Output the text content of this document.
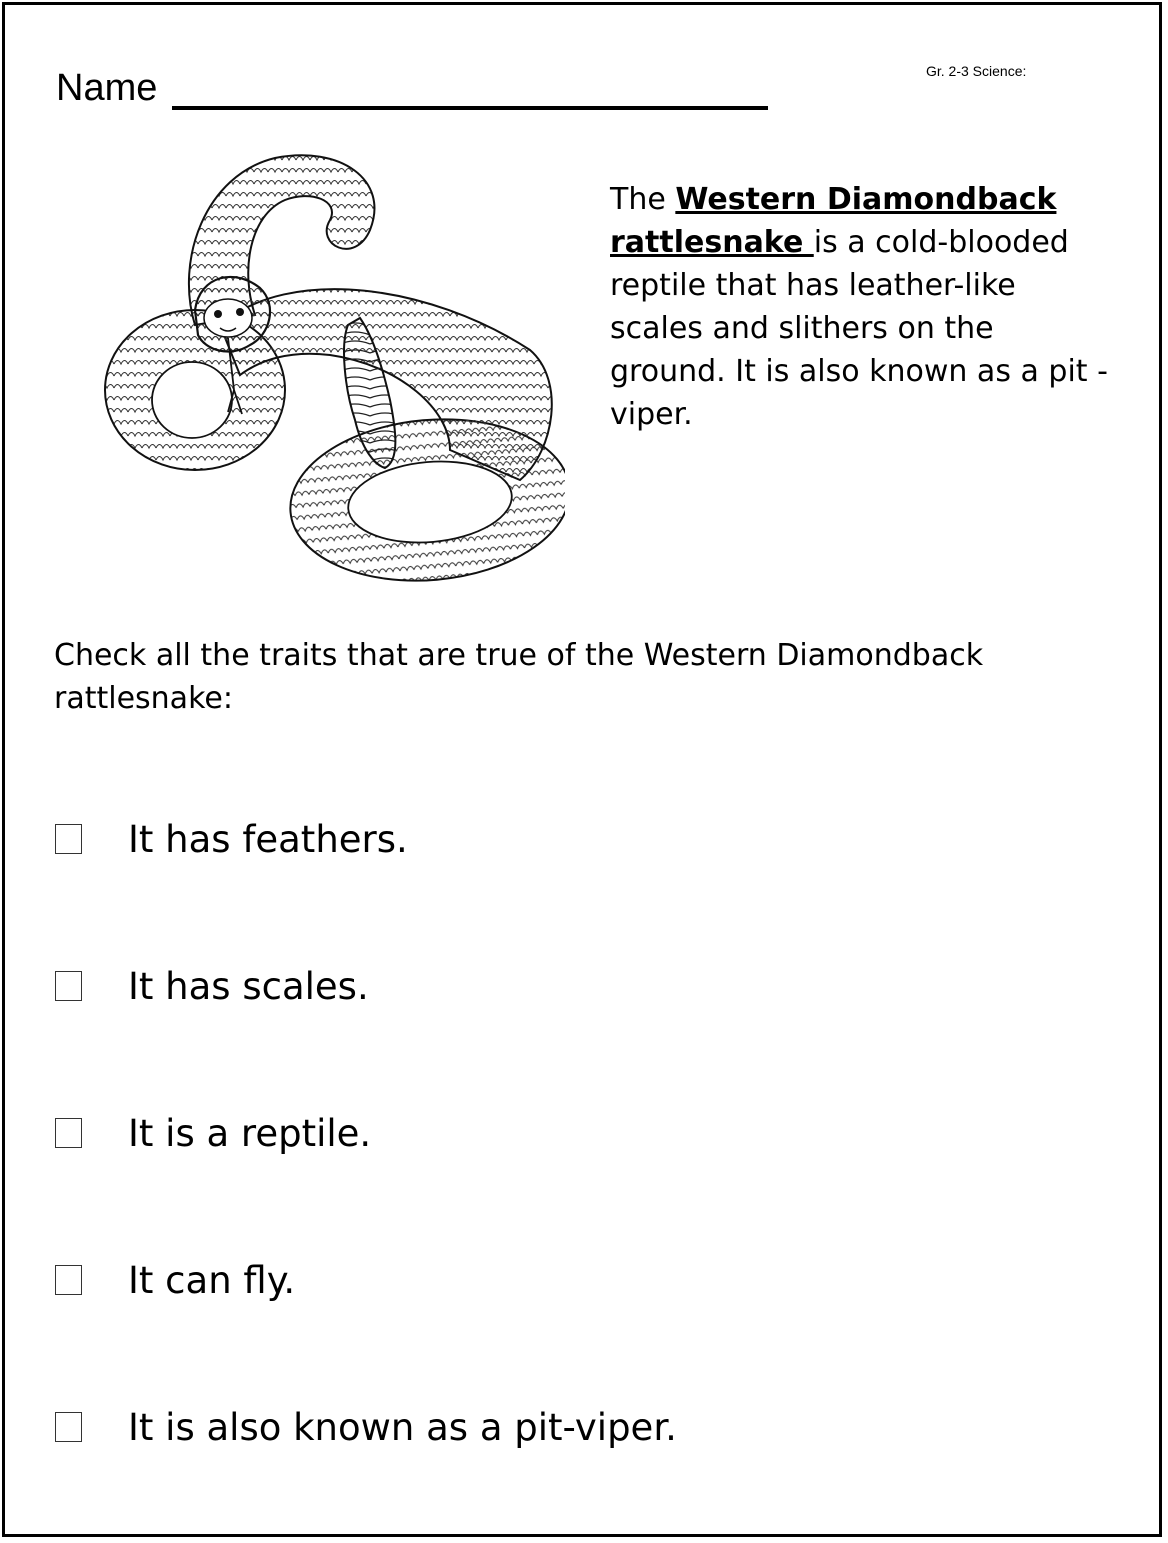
Name	Gr. 2-3 Science:
The Western Diamondback rattlesnake is a cold-blooded reptile that has leather-like scales and slithers on the ground. It is also known as a pit -viper.
Check all the traits that are true of the Western Diamondback rattlesnake:
It has feathers.
It has scales.
It is a reptile.
It can fly.
It is also known as a pit-viper.
